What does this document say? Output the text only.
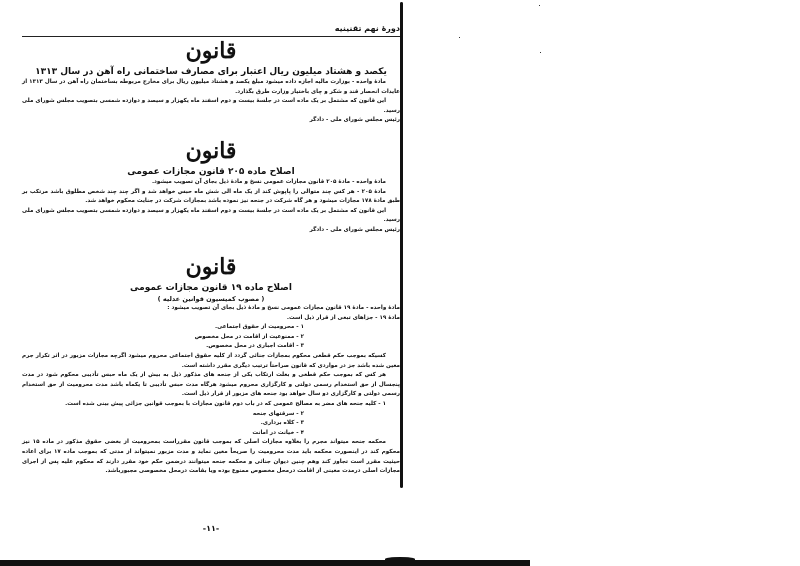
دورهٔ نهم تقنینیه
قانون
یکصد و هشتاد میلیون ریال اعتبار برای مصارف ساختمانی راه آهن در سال ۱۳۱۳

مادهٔ واحده - بوزارت مالیه اجازه داده میشود مبلغ یکصد و هشتاد میلیون ریال برای مخارج مربوطه بساختمان راه آهن در سال ۱۳۱۳ از عایدات انحصار قند و شکر و چای باختیار وزارت طرق بگذارد.

این قانون که مشتمل بر یک ماده است در جلسهٔ بیست و دوم اسفند ماه یکهزار و سیصد و دوازده شمسی بتصویب مجلس شورای ملی رسید.

رئیس مجلس شورای ملی - دادگر
قانون
اصلاح ماده ۲۰۵ قانون مجازات عمومی

مادهٔ واحده - مادهٔ ۲۰۵ قانون مجازات عمومی نسخ و مادهٔ ذیل بجای آن تصویب میشود.

مادهٔ ۲۰۵ - هر کس چند متوالی را پاپوش کند از یک ماه الی شش ماه حبس خواهد شد و اگر چند چند شخص مطلوق باشد مرتکب بر طبق مادهٔ ۱۷۸ مجازات میشود و هر گاه شرکت در جنحه نیز نموده باشد بمجازات شرکت در جنایت محکوم خواهد شد.

این قانون که مشتمل بر یک ماده است در جلسهٔ بیست و دوم اسفند ماه یکهزار و سیصد و دوازده شمسی بتصویب مجلس شورای ملی رسید.

رئیس مجلس شورای ملی - دادگر
قانون
اصلاح ماده ۱۹ قانون مجازات عمومی
( مصوب کمیسیون قوانین عدلیه )

مادهٔ واحده - مادهٔ ۱۹ قانون مجازات عمومی نسخ و مادهٔ ذیل بجای آن تصویب میشود :

مادهٔ ۱۹ - جزاهای تبعی از قرار ذیل است.

۱ - محرومیت از حقوق اجتماعی.
۲ - ممنوعیت از اقامت در محل مخصوص
۳ - اقامت اجباری در محل مخصوص.

کسیکه بموجب حکم قطعی محکوم بمجازات جنائی گردد از کلیه حقوق اجتماعی محروم میشود اگرچه مجازات مزبور در اثر تکرار جرم معین شده باشد جز در مواردی که قانون صراحتاً ترتیب دیگری مقرر داشته است.

هر کس که بموجب حکم قطعی و بعلت ارتکاب یکی از جنحه های مذکور ذیل به بیش از یک ماه حبس تأدیبی محکوم شود در مدت پنجسال از حق استخدام رسمی دولتی و کارگزاری محروم میشود هرگاه مدت حبس تأدیبی تا یکماه باشد مدت محرومیت از حق استخدام رسمی دولتی و کارگزاری دو سال خواهد بود جنحه های مزبور از قرار ذیل است.

۱ - کلیه جنحه های مضر به مصالح عمومی که در باب دوم قانون مجازات با بموجب قوانین جزائی پیش بینی شده است.

۲ - سرقتهای جنحه
۳ - کلاه برداری.
۴ - خیانت در امانت

محکمه جنحه میتواند مجرم را بعلاوه مجازات اصلی که بموجب قانون مقرراست بمحرومیت از بعضی حقوق مذکور در ماده ۱۵ نیز محکوم کند در اینصورت محکمه باید مدت محرومیت را صریحاً معین نماید و مدت مزبور نمیتواند از مدتی که بموجب ماده ۱۷ برای اعاده حیثیت مقرر است تجاوز کند وهم چنین دیوان جنائی و محکمه جنحه میتوانند درضمن حکم خود مقرر دارند که محکوم علیه پس از اجرای مجازات اصلی درمدت معینی از اقامت درمحل مخصوص ممنوع بوده ویا بقامت درمحل مخصوصی مجبورباشد.

-۱۱-
